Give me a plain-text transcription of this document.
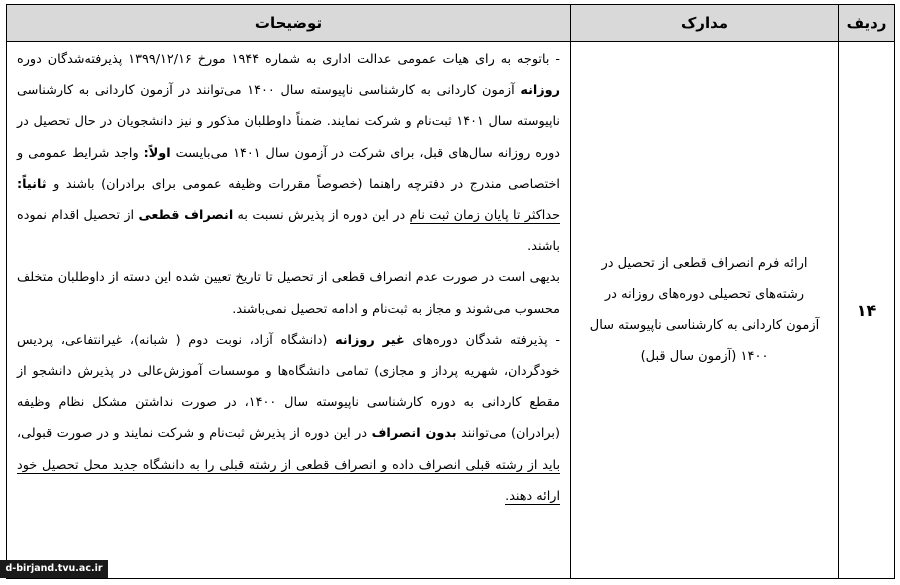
ردیف	مدارک	توضیحات
۱۴	ارائه فرم انصراف قطعی از تحصیل در رشته‌های تحصیلی دوره‌های روزانه در آزمون کاردانی به کارشناسی ناپیوسته سال ۱۴۰۰ (آزمون سال قبل)	- باتوجه به رای هیات عمومی عدالت اداری به شماره ۱۹۴۴ مورخ ۱۳۹۹/۱۲/۱۶ پذیرفته‌شدگان دوره روزانه آزمون کاردانی به کارشناسی ناپیوسته سال ۱۴۰۰ می‌توانند در آزمون کاردانی به کارشناسی ناپیوسته سال ۱۴۰۱ ثبت‌نام و شرکت نمایند. ضمناً داوطلبان مذکور و نیز دانشجویان در حال تحصیل در دوره روزانه سال‌های قبل، برای شرکت در آزمون سال ۱۴۰۱ می‌بایست اولاً: واجد شرایط عمومی و اختصاصی مندرج در دفترچه راهنما (خصوصاً مقررات وظیفه عمومی برای برادران) باشند و ثانیاً: حداکثر تا پایان زمان ثبت نام در این دوره از پذیرش نسبت به انصراف قطعی از تحصیل اقدام نموده باشند.

بدیهی است در صورت عدم انصراف قطعی از تحصیل تا تاریخ تعیین شده این دسته از داوطلبان متخلف محسوب می‌شوند و مجاز به ثبت‌نام و ادامه تحصیل نمی‌باشند.

- پذیرفته شدگان دوره‌های غیر روزانه (دانشگاه آزاد، نوبت دوم ( شبانه)، غیرانتفاعی، پردیس خودگردان، شهریه پرداز و مجازی) تمامی دانشگاه‌ها و موسسات آموزش‌عالی در پذیرش دانشجو از مقطع کاردانی به دوره کارشناسی ناپیوسته سال ۱۴۰۰، در صورت نداشتن مشکل نظام وظیفه (برادران) می‌توانند بدون انصراف در این دوره از پذیرش ثبت‌نام و شرکت نمایند و در صورت قبولی، باید از رشته قبلی انصراف داده و انصراف قطعی از رشته قبلی را به دانشگاه جدید محل تحصیل خود ارائه دهند.

d-birjand.tvu.ac.ir
